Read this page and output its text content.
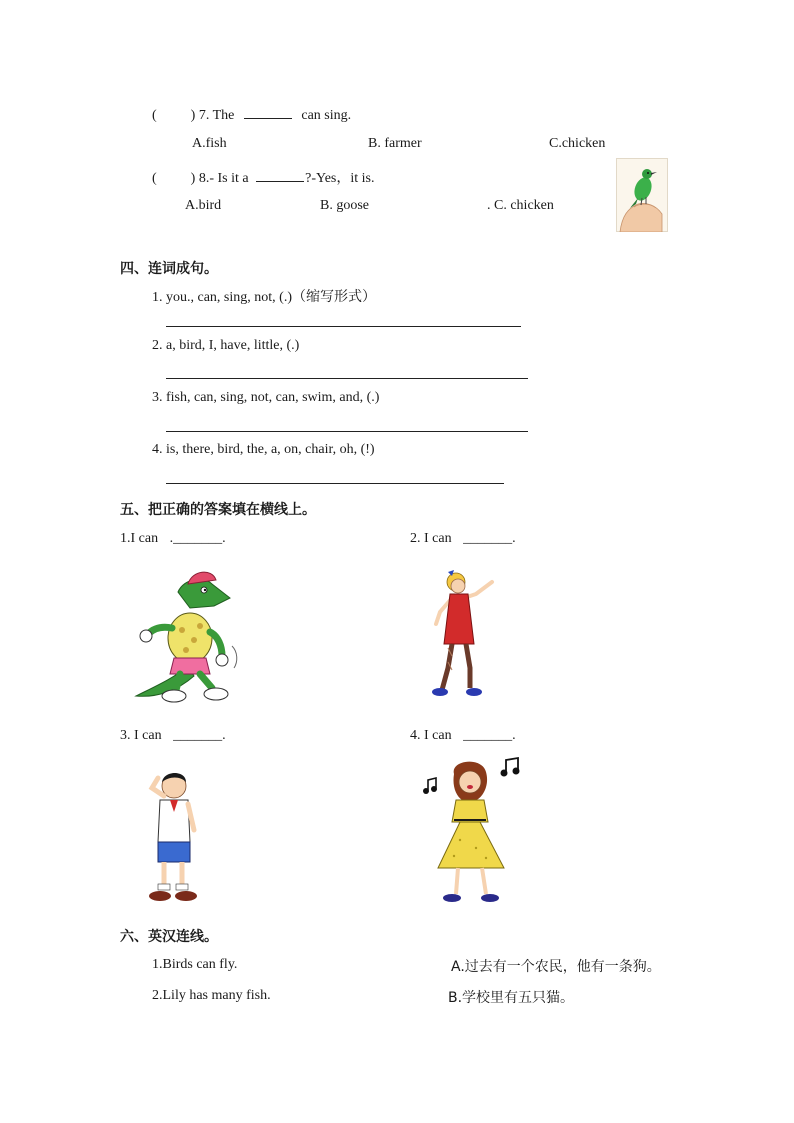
( ) 7. The	can sing.
A.fish	B. farmer	C.chicken
( ) 8.- Is it a	?-Yes，it is.
A.bird	B. goose	. C. chicken
四、连词成句。
1. you., can, sing, not, (.)（缩写形式）
2. a, bird, I, have, little, (.)
3. fish, can, sing, not, can, swim, and, (.)
4. is, there, bird, the, a, on, chair, oh, (!)
五、把正确的答案填在横线上。
1.I can ._______.	2. I can _______.
3. I can _______.	4. I can _______.
六、英汉连线。
1.Birds can fly.	A.过去有一个农民，他有一条狗。
2.Lily has many fish.	B.学校里有五只猫。
